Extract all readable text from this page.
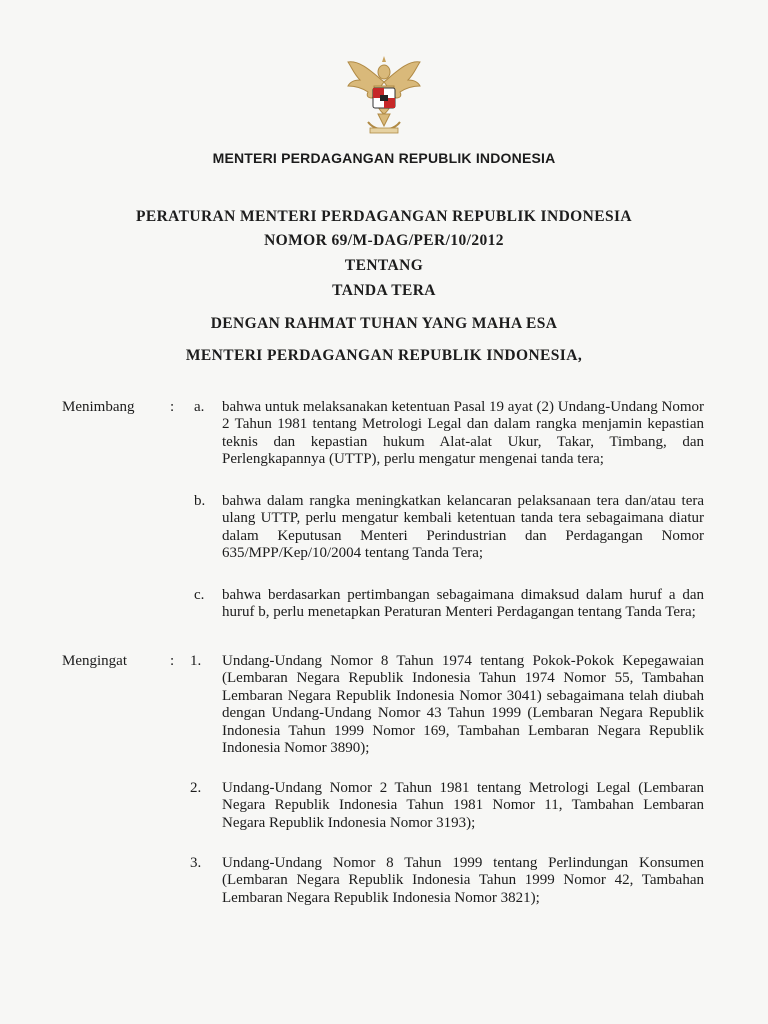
MENTERI PERDAGANGAN REPUBLIK INDONESIA
PERATURAN MENTERI PERDAGANGAN REPUBLIK INDONESIA
NOMOR 69/M-DAG/PER/10/2012
TENTANG
TANDA TERA
DENGAN RAHMAT TUHAN YANG MAHA ESA
MENTERI PERDAGANGAN REPUBLIK INDONESIA,
Menimbang : a. bahwa untuk melaksanakan ketentuan Pasal 19 ayat (2) Undang-Undang Nomor 2 Tahun 1981 tentang Metrologi Legal dan dalam rangka menjamin kepastian teknis dan kepastian hukum Alat-alat Ukur, Takar, Timbang, dan Perlengkapannya (UTTP), perlu mengatur mengenai tanda tera;
b. bahwa dalam rangka meningkatkan kelancaran pelaksanaan tera dan/atau tera ulang UTTP, perlu mengatur kembali ketentuan tanda tera sebagaimana diatur dalam Keputusan Menteri Perindustrian dan Perdagangan Nomor 635/MPP/Kep/10/2004 tentang Tanda Tera;
c. bahwa berdasarkan pertimbangan sebagaimana dimaksud dalam huruf a dan huruf b, perlu menetapkan Peraturan Menteri Perdagangan tentang Tanda Tera;
Mengingat	: 1. Undang-Undang Nomor 8 Tahun 1974 tentang Pokok-Pokok Kepegawaian (Lembaran Negara Republik Indonesia Tahun 1974 Nomor 55, Tambahan Lembaran Negara Republik Indonesia Nomor 3041) sebagaimana telah diubah dengan Undang-Undang Nomor 43 Tahun 1999 (Lembaran Negara Republik Indonesia Tahun 1999 Nomor 169, Tambahan Lembaran Negara Republik Indonesia Nomor 3890);
2. Undang-Undang Nomor 2 Tahun 1981 tentang Metrologi Legal (Lembaran Negara Republik Indonesia Tahun 1981 Nomor 11, Tambahan Lembaran Negara Republik Indonesia Nomor 3193);
3. Undang-Undang Nomor 8 Tahun 1999 tentang Perlindungan Konsumen (Lembaran Negara Republik Indonesia Tahun 1999 Nomor 42, Tambahan Lembaran Negara Republik Indonesia Nomor 3821);
